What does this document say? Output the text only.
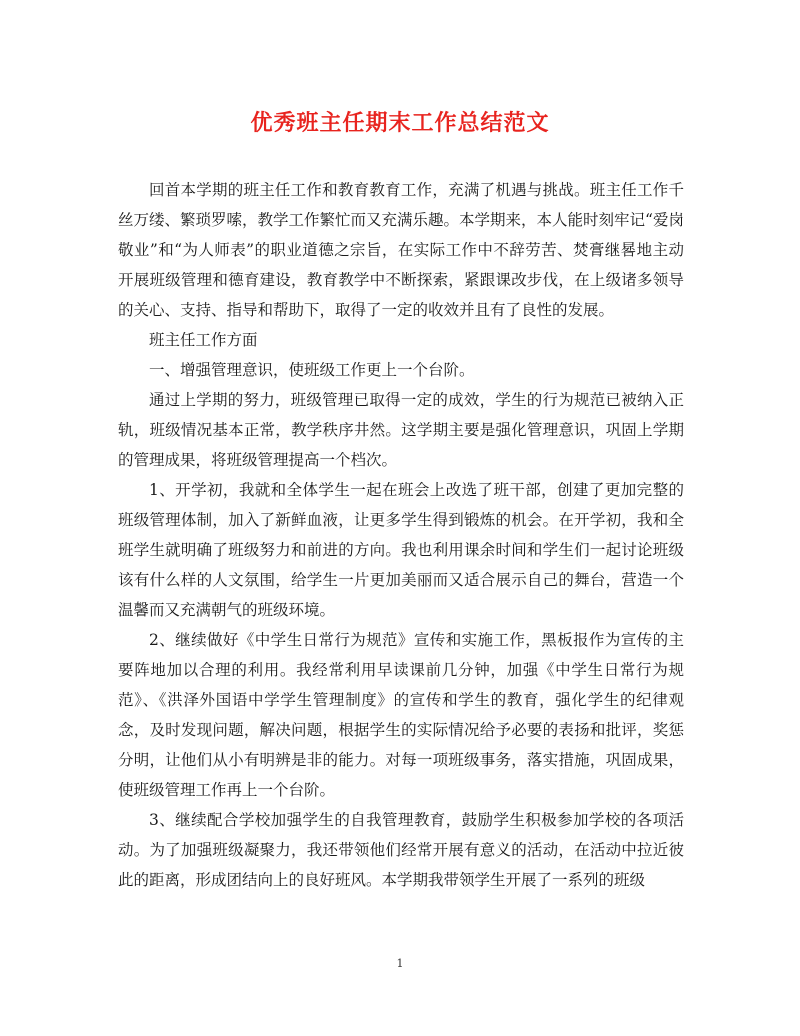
优秀班主任期末工作总结范文

回首本学期的班主任工作和教育教育工作，充满了机遇与挑战。班主任工作千丝万缕、繁琐罗嗦，教学工作繁忙而又充满乐趣。本学期来，本人能时刻牢记“爱岗敬业”和“为人师表”的职业道德之宗旨，在实际工作中不辞劳苦、焚膏继晷地主动开展班级管理和德育建设，教育教学中不断探索，紧跟课改步伐，在上级诸多领导的关心、支持、指导和帮助下，取得了一定的收效并且有了良性的发展。

班主任工作方面

一、增强管理意识，使班级工作更上一个台阶。

通过上学期的努力，班级管理已取得一定的成效，学生的行为规范已被纳入正轨，班级情况基本正常，教学秩序井然。这学期主要是强化管理意识，巩固上学期的管理成果，将班级管理提高一个档次。

1、开学初，我就和全体学生一起在班会上改选了班干部，创建了更加完整的班级管理体制，加入了新鲜血液，让更多学生得到锻炼的机会。在开学初，我和全班学生就明确了班级努力和前进的方向。我也利用课余时间和学生们一起讨论班级该有什么样的人文氛围，给学生一片更加美丽而又适合展示自己的舞台，营造一个温馨而又充满朝气的班级环境。

2、继续做好《中学生日常行为规范》宣传和实施工作，黑板报作为宣传的主要阵地加以合理的利用。我经常利用早读课前几分钟，加强《中学生日常行为规范》、《洪泽外国语中学学生管理制度》的宣传和学生的教育，强化学生的纪律观念，及时发现问题，解决问题，根据学生的实际情况给予必要的表扬和批评，奖惩分明，让他们从小有明辨是非的能力。对每一项班级事务，落实措施，巩固成果，使班级管理工作再上一个台阶。

3、继续配合学校加强学生的自我管理教育，鼓励学生积极参加学校的各项活动。为了加强班级凝聚力，我还带领他们经常开展有意义的活动，在活动中拉近彼此的距离，形成团结向上的良好班风。本学期我带领学生开展了一系列的班级

1
